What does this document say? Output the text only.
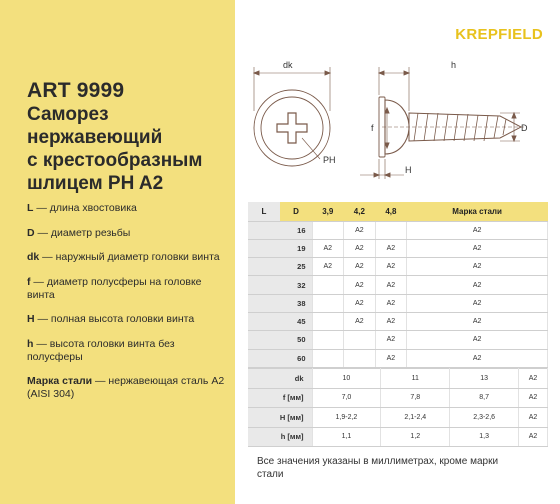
ART 9999
Саморез
нержавеющий
с крестообразным
шлицем PH A2
L — длина хвостовика
D — диаметр резьбы
dk — наружный диаметр головки винта
f — диаметр полусферы на головке винта
H — полная высота головки винта
h — высота головки винта без полусферы
Марка стали — нержавеющая сталь A2 (AISI 304)
KREPFIELD
dk	h
f	D
PH
H
L	D	3,9	4,2	4,8	Марка стали
16			A2		A2
19		A2	A2	A2	A2
25		A2	A2	A2	A2
32			A2	A2	A2
38			A2	A2	A2
45			A2	A2	A2
50				A2	A2
60				A2	A2
dk	10	11	13	A2
f [мм]	7,0	7,8	8,7	A2
H [мм]	1,9-2,2	2,1-2,4	2,3-2,6	A2
h [мм]	1,1	1,2	1,3	A2
Все значения указаны в миллиметрах, кроме марки стали
